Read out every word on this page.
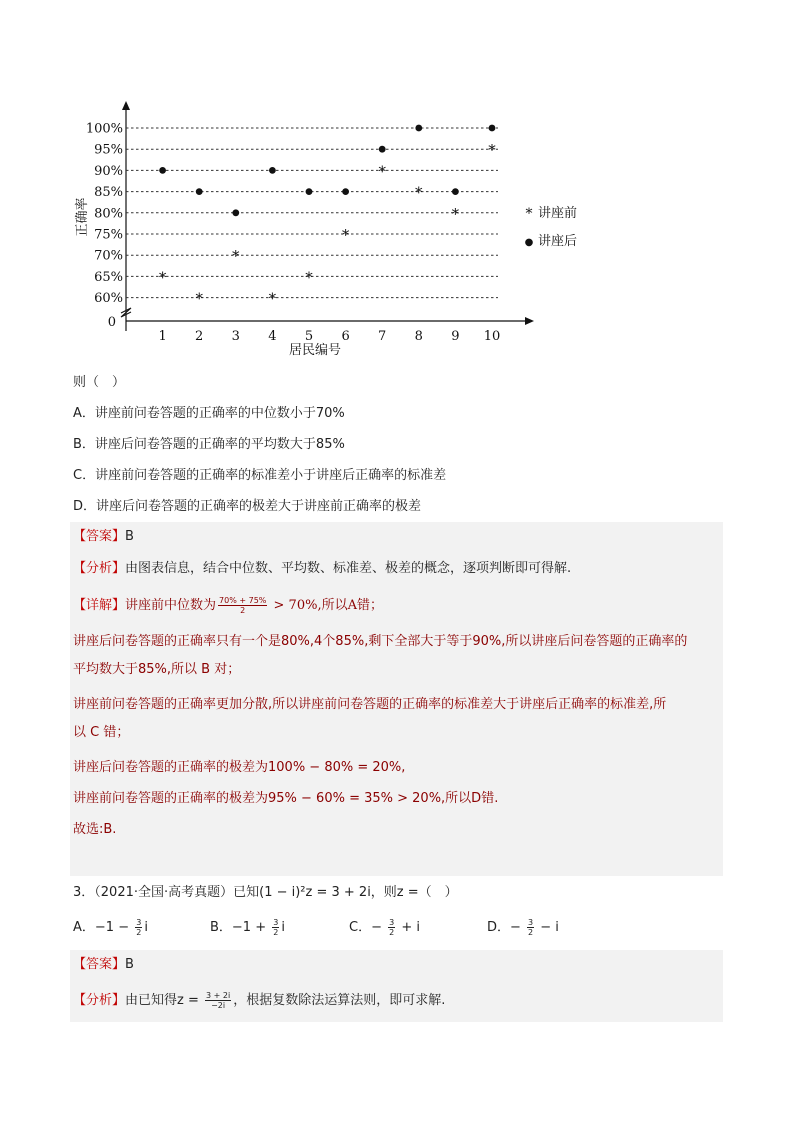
60%
65%
70%
75%
80%
85%
90%
95%
100%
0
1 2 3 4 5 6 7 8 9 10
*
*
*
*
*
*
*
*
*
*
居民编号
正确率	* 讲座前
● 讲座后
则（　）
A．讲座前问卷答题的正确率的中位数小于70%
B．讲座后问卷答题的正确率的平均数大于85%
C．讲座前问卷答题的正确率的标准差小于讲座后正确率的标准差
D．讲座后问卷答题的正确率的极差大于讲座前正确率的极差
【答案】B
【分析】由图表信息，结合中位数、平均数、标准差、极差的概念，逐项判断即可得解.
【详解】讲座前中位数为 $\frac{70\% + 75\%}{2} > 70\%$,所以A错；
讲座后问卷答题的正确率只有一个是80%,4个85%,剩下全部大于等于90%,所以讲座后问卷答题的正确率的
平均数大于85%,所以 B 对；
讲座前问卷答题的正确率更加分散,所以讲座前问卷答题的正确率的标准差大于讲座后正确率的标准差,所
以 C 错；
讲座后问卷答题的正确率的极差为100% − 80% = 20%,
讲座前问卷答题的正确率的极差为95% − 60% = 35% > 20%,所以D错.
故选:B.
3．（2021·全国·高考真题）已知(1 − i)²z = 3 + 2i，则z =（　）
A．$-1 - \frac{3}{2}$ i	B．$-1 + \frac{3}{2}$ i	C．− $\frac{3}{2} + i$	D．− $\frac{3}{2} - i$
【答案】B
【分析】由已知得$z = \frac{3 + 2i}{-2i}$ ，根据复数除法运算法则，即可求解.
